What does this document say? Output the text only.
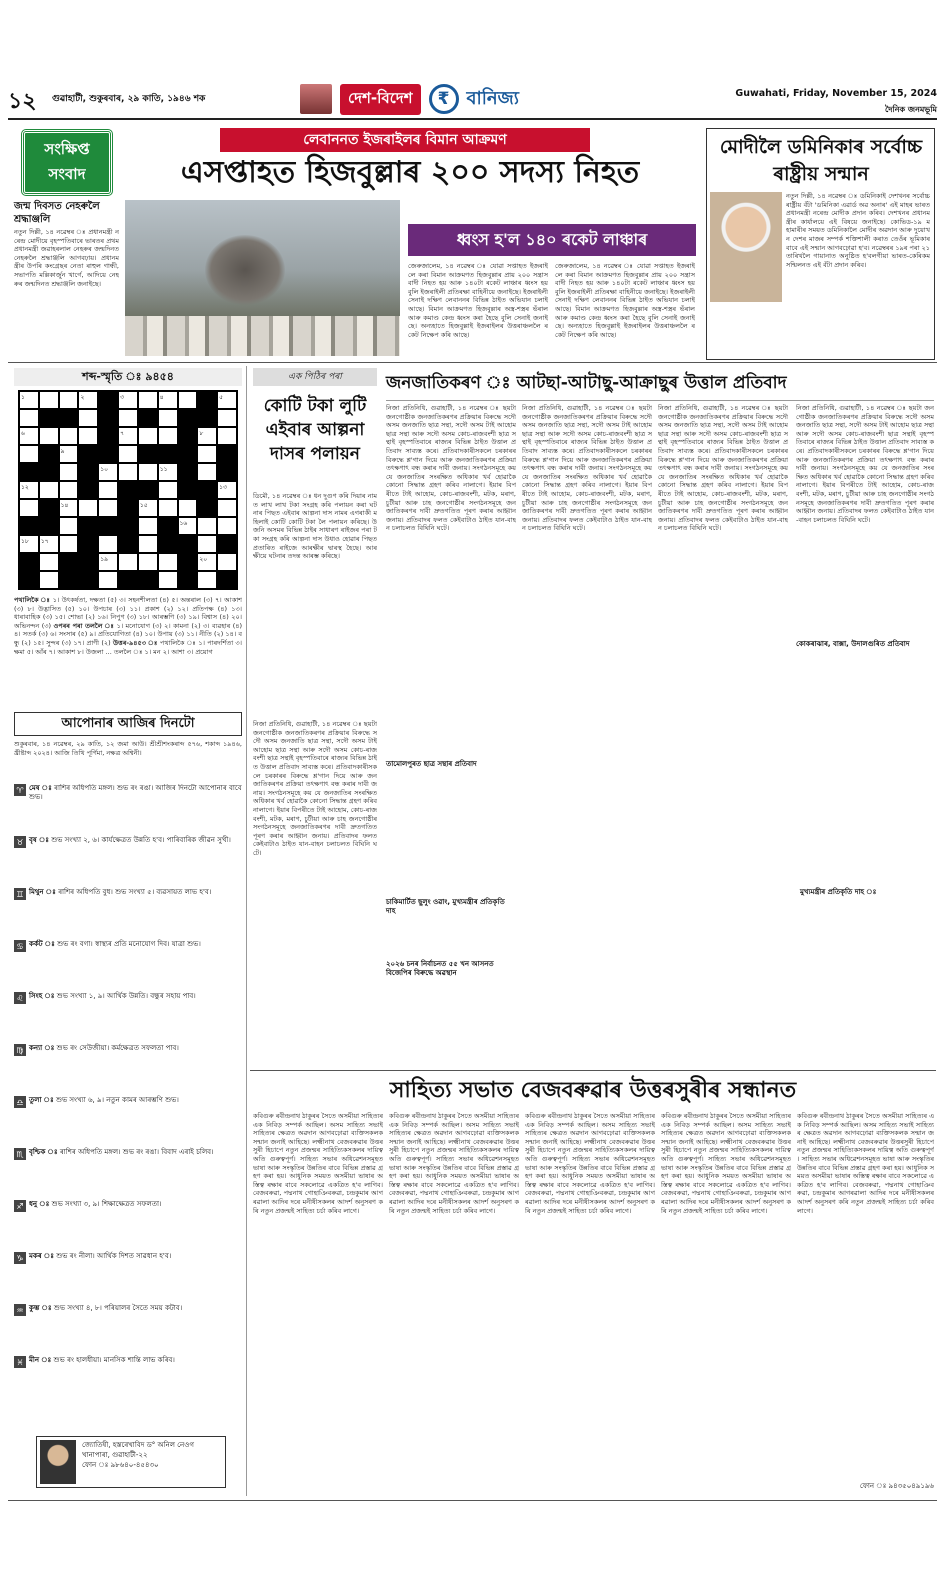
১২ গুৱাহাটী, শুকুৰবাৰ, ২৯ কাতি, ১৯৪৬ শক	দেশ-বিদেশ	₹ বানিজ্য	Guwahati, Friday, November 15, 2024
দৈনিক জনমভূমি
সংক্ষিপ্ত সংবাদ
জন্ম দিবসত নেহৰুলৈ শ্ৰদ্ধাঞ্জলি
নতুন দিল্লী, ১৪ নৱেম্বৰ ঃ প্ৰধানমন্ত্ৰী নৰেন্দ্ৰ মোদীয়ে বৃহস্পতিবাৰে ভাৰতৰ প্ৰথম প্ৰধানমন্ত্ৰী জৱাহৰলাল নেহৰুৰ জন্মদিনত নেহৰুলৈ শ্ৰদ্ধাঞ্জলি আগবঢ়ায়। প্ৰধানমন্ত্ৰীৰ উপৰি কংগ্ৰেছৰ নেতা ৰাহুল গান্ধী, সভাপতি মল্লিকাৰ্জুন খাৰ্গে, আদিয়ে নেহৰুৰ জন্মদিনত শ্ৰদ্ধাঞ্জলি জনাইছে।
লেবাননত ইজৰাইলৰ বিমান আক্ৰমণ
এসপ্তাহত হিজবুল্লাৰ ২০০ সদস্য নিহত
ধ্বংস হ'ল ১৪০ ৰকেট লাঞ্চাৰ
জেৰুজালেম, ১৪ নৱেম্বৰ ঃ যোৱা সপ্তাহত ইজৰাইলে কৰা বিমান আক্ৰমণত হিজবুল্লাৰ প্ৰায় ২০০ সন্ত্ৰাসবাদী নিহত হয় আৰু ১৪০টা ৰকেট লাঞ্চাৰ ধ্বংস হয় বুলি ইজৰাইলী প্ৰতিৰক্ষা বাহিনীয়ে জনাইছে। ইজৰাইলী সেনাই দক্ষিণ লেবাননৰ বিভিন্ন ঠাইত অভিযান চলাই আছে। বিমান আক্ৰমণত হিজবুল্লাৰ অস্ত্ৰ-শস্ত্ৰৰ ভঁৰাল আৰু কমাণ্ড কেন্দ্ৰ ধ্বংস কৰা হৈছে বুলি সেনাই জনাইছে। অন্যহাতে হিজবুল্লাই ইজৰাইলৰ উত্তৰাঞ্চললৈ ৰকেট নিক্ষেপ কৰি আছে।
জেৰুজালেম, ১৪ নৱেম্বৰ ঃ যোৱা সপ্তাহত ইজৰাইলে কৰা বিমান আক্ৰমণত হিজবুল্লাৰ প্ৰায় ২০০ সন্ত্ৰাসবাদী নিহত হয় আৰু ১৪০টা ৰকেট লাঞ্চাৰ ধ্বংস হয় বুলি ইজৰাইলী প্ৰতিৰক্ষা বাহিনীয়ে জনাইছে। ইজৰাইলী সেনাই দক্ষিণ লেবাননৰ বিভিন্ন ঠাইত অভিযান চলাই আছে। বিমান আক্ৰমণত হিজবুল্লাৰ অস্ত্ৰ-শস্ত্ৰৰ ভঁৰাল আৰু কমাণ্ড কেন্দ্ৰ ধ্বংস কৰা হৈছে বুলি সেনাই জনাইছে। অন্যহাতে হিজবুল্লাই ইজৰাইলৰ উত্তৰাঞ্চললৈ ৰকেট নিক্ষেপ কৰি আছে।
মোদীলৈ ডমিনিকাৰ সৰ্বোচ্চ ৰাষ্ট্ৰীয় সন্মান
নতুন দিল্লী, ১৪ নৱেম্বৰ ঃ ডমিনিকাই দেশখনৰ সৰ্বোচ্চ ৰাষ্ট্ৰীয় বঁটা 'ডমিনিকা এৱাৰ্ড অৱ অনাৰ' এই মাহৰ ভাৰত প্ৰধানমন্ত্ৰী নৰেন্দ্ৰ মোদীক প্ৰদান কৰিব। দেশখনৰ প্ৰধানমন্ত্ৰীৰ কাৰ্যালয়ে এই বিষয়ে জনাইছে। কোভিড-১৯ মহামাৰীৰ সময়ত ডমিনিকালৈ মোদীৰ অৱদান আৰু দুয়োখন দেশৰ মাজৰ সম্পৰ্ক শক্তিশালী কৰাত তেওঁৰ ভূমিকাৰ বাবে এই সন্মান আগবঢ়োৱা হ'ব। নৱেম্বৰৰ ১৯ৰ পৰা ২১ তাৰিখলৈ গায়ানাত অনুষ্ঠিত হ'বলগীয়া ভাৰত-কেৰিকম সন্মিলনত এই বঁটা প্ৰদান কৰিব।
শব্দ-স্মৃতি ঃ ৯৪৫৪
১	২	৩	৪	৫
৬	৭	৮
৯
১০	১১
১২	১৩
১৪	১৫
১৬
১৮ ১৭
১৯	২০
পথালিকৈ ঃ ১। উৎকৰ্ষতা, দক্ষতা (৫) ৩। সহনশীলতা (৪) ৫। অন্তৰাল (৩) ৭। আকাশ (৩) ৮। উদ্ভাসিত (৫) ১০। উপচাৰ (৩) ১১। প্ৰকাশ (২) ১২। প্ৰতিপক্ষ (৪) ১৩। ধাৰাবাহিক (৩) ১৫। শোভা (২) ১৬। নিপুণ (৩) ১৮। আৰম্ভণি (৩) ১৯। বিশ্বাস (৪) ২০। অভিনন্দন (৩) ওপৰৰ পৰা তললৈ ঃ ১। মনোযোগ (৩) ২। কামনা (২) ৩। ব্যৱহাৰ (৪) ৪। সতৰ্ক (৩) ৬। সংসাৰ (৫) ৯। প্ৰতিযোগিতা (৪) ১০। উপায় (৩) ১১। নীতি (২) ১৪। বন্ধু (২) ১৫। সুন্দৰ (৩) ১৭। প্ৰাণী (২) উত্তৰ-৯৪৫৩ ঃ পথালিকৈ ঃ ১। পাৰদৰ্শিতা ৩। ক্ষমা ৫। আঁৰ ৭। আকাশ ৮। উজলা ... তললৈ ঃ ১। মন ২। আশা ৩। প্ৰয়োগ
আপোনাৰ আজিৰ দিনটো
শুকুৰবাৰ, ১৪ নৱেম্বৰ, ২৯ কাতি, ১২ জমা আউ। শ্ৰীশ্ৰীশংকৰাব্দ ৫৭৬, শকাব্দ ১৯৪৬, খ্ৰীষ্টাব্দ ২০২৪। আজি তিথি পূৰ্ণিমা, নক্ষত্ৰ অশ্বিনী।
♈ মেষ ঃ ৰাশিৰ অধিপতি মঙ্গল। শুভ ৰং ৰঙা। আজিৰ দিনটো আপোনাৰ বাবে শুভ।
♉ বৃষ ঃ শুভ সংখ্যা ২, ৬। কাৰ্যক্ষেত্ৰত উন্নতি হ'ব। পাৰিবাৰিক জীৱন সুখী।
♊ মিথুন ঃ ৰাশিৰ অধিপতি বুধ। শুভ সংখ্যা ৫। ব্যৱসায়ত লাভ হ'ব।
♋ কৰ্কট ঃ শুভ ৰং বগা। স্বাস্থ্যৰ প্ৰতি মনোযোগ দিব। যাত্ৰা শুভ।
♌ সিংহ ঃ শুভ সংখ্যা ১, ৯। আৰ্থিক উন্নতি। বন্ধুৰ সহায় পাব।
♍ কন্যা ঃ শুভ ৰং সেউজীয়া। কৰ্মক্ষেত্ৰত সফলতা পাব।
♎ তুলা ঃ শুভ সংখ্যা ৬, ৯। নতুন কামৰ আৰম্ভণি শুভ।
♏ বৃশ্চিক ঃ ৰাশিৰ অধিপতি মঙ্গল। শুভ ৰং ৰঙা। বিবাদ এৰাই চলিব।
♐ ধনু ঃ শুভ সংখ্যা ৩, ৯। শিক্ষাক্ষেত্ৰত সফলতা।
♑ মকৰ ঃ শুভ ৰং নীলা। আৰ্থিক দিশত সাৱধান হ'ব।
♒ কুম্ভ ঃ শুভ সংখ্যা ৪, ৮। পৰিয়ালৰ সৈতে সময় কটাব।
♓ মীন ঃ শুভ ৰং হালধীয়া। মানসিক শান্তি লাভ কৰিব।
জ্যোতিষী, হস্তৰেখাবিদ ড° অনিল নেওগ
খানাপাৰা, গুৱাহাটী-২২
ফোন ঃ ৯৮৬৪০-৪৫৪৩০
এক পিঠিৰ পৰা
কোটি টকা লুটি এইবাৰ আল্পনা দাসৰ পলায়ন
ডিমৌ, ১৪ নৱেম্বৰ ঃ ধন দুগুণ কৰি দিয়াৰ নামত লাখ লাখ টকা সংগ্ৰহ কৰি পলায়ন কৰা ঘটনাৰ পিছত এইবাৰ আল্পনা দাস নামৰ এগৰাকী মহিলাই কোটি কোটি টকা লৈ পলায়ন কৰিছে। উজনি অসমৰ বিভিন্ন ঠাইৰ সাধাৰণ ৰাইজৰ পৰা টকা সংগ্ৰহ কৰি আল্পনা দাস উধাও হোৱাৰ পিছত প্ৰতাৰিত ৰাইজে আৰক্ষীৰ দ্বাৰস্থ হৈছে। আৰক্ষীয়ে ঘটনাৰ তদন্ত আৰম্ভ কৰিছে।
নিজা প্ৰতিনিধি, গুৱাহাটী, ১৪ নৱেম্বৰ ঃ ছয়টা জনগোষ্ঠীক জনজাতিকৰণৰ প্ৰক্ৰিয়াৰ বিৰুদ্ধে সদৌ অসম জনজাতি ছাত্ৰ সন্থা, সদৌ অসম টাই আহোম ছাত্ৰ সন্থা আৰু সদৌ অসম কোচ-ৰাজবংশী ছাত্ৰ সন্থাই বৃহস্পতিবাৰে ৰাজ্যৰ বিভিন্ন ঠাইত উত্তাল প্ৰতিবাদ সাব্যস্ত কৰে। প্ৰতিবাদকাৰীসকলে চৰকাৰৰ বিৰুদ্ধে শ্ল'গান দিয়ে আৰু জনজাতিকৰণৰ প্ৰক্ৰিয়া তৎক্ষণাৎ বন্ধ কৰাৰ দাবী জনায়। সংগঠনসমূহে কয় যে জনজাতিৰ সংৰক্ষিত অধিকাৰ খৰ্ব হোৱাকৈ কোনো সিদ্ধান্ত গ্ৰহণ কৰিব নালাগে। ইয়াৰ বিপৰীতে টাই আহোম, কোচ-ৰাজবংশী, মটক, মৰাণ, চুটীয়া আৰু চাহ জনগোষ্ঠীৰ সংগঠনসমূহে জনজাতিকৰণৰ দাবী দ্ৰুতগতিত পূৰণ কৰাৰ আহ্বান জনায়। প্ৰতিবাদৰ ফলত কেইবাটাও ঠাইত যান-বাহন চলাচলত বিঘিনি ঘটে।
জনজাতিকৰণ ঃ আটছা-আটাছু-আক্ৰাছুৰ উত্তাল প্ৰতিবাদ
নিজা প্ৰতিনিধি, গুৱাহাটী, ১৪ নৱেম্বৰ ঃ ছয়টা জনগোষ্ঠীক জনজাতিকৰণৰ প্ৰক্ৰিয়াৰ বিৰুদ্ধে সদৌ অসম জনজাতি ছাত্ৰ সন্থা, সদৌ অসম টাই আহোম ছাত্ৰ সন্থা আৰু সদৌ অসম কোচ-ৰাজবংশী ছাত্ৰ সন্থাই বৃহস্পতিবাৰে ৰাজ্যৰ বিভিন্ন ঠাইত উত্তাল প্ৰতিবাদ সাব্যস্ত কৰে। প্ৰতিবাদকাৰীসকলে চৰকাৰৰ বিৰুদ্ধে শ্ল'গান দিয়ে আৰু জনজাতিকৰণৰ প্ৰক্ৰিয়া তৎক্ষণাৎ বন্ধ কৰাৰ দাবী জনায়। সংগঠনসমূহে কয় যে জনজাতিৰ সংৰক্ষিত অধিকাৰ খৰ্ব হোৱাকৈ কোনো সিদ্ধান্ত গ্ৰহণ কৰিব নালাগে। ইয়াৰ বিপৰীতে টাই আহোম, কোচ-ৰাজবংশী, মটক, মৰাণ, চুটীয়া আৰু চাহ জনগোষ্ঠীৰ সংগঠনসমূহে জনজাতিকৰণৰ দাবী দ্ৰুতগতিত পূৰণ কৰাৰ আহ্বান জনায়। প্ৰতিবাদৰ ফলত কেইবাটাও ঠাইত যান-বাহন চলাচলত বিঘিনি ঘটে।
তামোলপুৰত ছাত্ৰ সন্থাৰ প্ৰতিবাদ
চাকিমাৰ্টিত ছুলুং ওৱাং, মুখ্যমন্ত্ৰীৰ প্ৰতিকৃতি দাহ
২০২৬ চনৰ নিৰ্বাচনত ৫৫ খন আসনত বিজেপিৰ বিৰুদ্ধে অৱস্থান
নিজা প্ৰতিনিধি, গুৱাহাটী, ১৪ নৱেম্বৰ ঃ ছয়টা জনগোষ্ঠীক জনজাতিকৰণৰ প্ৰক্ৰিয়াৰ বিৰুদ্ধে সদৌ অসম জনজাতি ছাত্ৰ সন্থা, সদৌ অসম টাই আহোম ছাত্ৰ সন্থা আৰু সদৌ অসম কোচ-ৰাজবংশী ছাত্ৰ সন্থাই বৃহস্পতিবাৰে ৰাজ্যৰ বিভিন্ন ঠাইত উত্তাল প্ৰতিবাদ সাব্যস্ত কৰে। প্ৰতিবাদকাৰীসকলে চৰকাৰৰ বিৰুদ্ধে শ্ল'গান দিয়ে আৰু জনজাতিকৰণৰ প্ৰক্ৰিয়া তৎক্ষণাৎ বন্ধ কৰাৰ দাবী জনায়। সংগঠনসমূহে কয় যে জনজাতিৰ সংৰক্ষিত অধিকাৰ খৰ্ব হোৱাকৈ কোনো সিদ্ধান্ত গ্ৰহণ কৰিব নালাগে। ইয়াৰ বিপৰীতে টাই আহোম, কোচ-ৰাজবংশী, মটক, মৰাণ, চুটীয়া আৰু চাহ জনগোষ্ঠীৰ সংগঠনসমূহে জনজাতিকৰণৰ দাবী দ্ৰুতগতিত পূৰণ কৰাৰ আহ্বান জনায়। প্ৰতিবাদৰ ফলত কেইবাটাও ঠাইত যান-বাহন চলাচলত বিঘিনি ঘটে।
নিজা প্ৰতিনিধি, গুৱাহাটী, ১৪ নৱেম্বৰ ঃ ছয়টা জনগোষ্ঠীক জনজাতিকৰণৰ প্ৰক্ৰিয়াৰ বিৰুদ্ধে সদৌ অসম জনজাতি ছাত্ৰ সন্থা, সদৌ অসম টাই আহোম ছাত্ৰ সন্থা আৰু সদৌ অসম কোচ-ৰাজবংশী ছাত্ৰ সন্থাই বৃহস্পতিবাৰে ৰাজ্যৰ বিভিন্ন ঠাইত উত্তাল প্ৰতিবাদ সাব্যস্ত কৰে। প্ৰতিবাদকাৰীসকলে চৰকাৰৰ বিৰুদ্ধে শ্ল'গান দিয়ে আৰু জনজাতিকৰণৰ প্ৰক্ৰিয়া তৎক্ষণাৎ বন্ধ কৰাৰ দাবী জনায়। সংগঠনসমূহে কয় যে জনজাতিৰ সংৰক্ষিত অধিকাৰ খৰ্ব হোৱাকৈ কোনো সিদ্ধান্ত গ্ৰহণ কৰিব নালাগে। ইয়াৰ বিপৰীতে টাই আহোম, কোচ-ৰাজবংশী, মটক, মৰাণ, চুটীয়া আৰু চাহ জনগোষ্ঠীৰ সংগঠনসমূহে জনজাতিকৰণৰ দাবী দ্ৰুতগতিত পূৰণ কৰাৰ আহ্বান জনায়। প্ৰতিবাদৰ ফলত কেইবাটাও ঠাইত যান-বাহন চলাচলত বিঘিনি ঘটে।
মুখ্যমন্ত্ৰীৰ প্ৰতিকৃতি দাহ ঃ
নিজা প্ৰতিনিধি, গুৱাহাটী, ১৪ নৱেম্বৰ ঃ ছয়টা জনগোষ্ঠীক জনজাতিকৰণৰ প্ৰক্ৰিয়াৰ বিৰুদ্ধে সদৌ অসম জনজাতি ছাত্ৰ সন্থা, সদৌ অসম টাই আহোম ছাত্ৰ সন্থা আৰু সদৌ অসম কোচ-ৰাজবংশী ছাত্ৰ সন্থাই বৃহস্পতিবাৰে ৰাজ্যৰ বিভিন্ন ঠাইত উত্তাল প্ৰতিবাদ সাব্যস্ত কৰে। প্ৰতিবাদকাৰীসকলে চৰকাৰৰ বিৰুদ্ধে শ্ল'গান দিয়ে আৰু জনজাতিকৰণৰ প্ৰক্ৰিয়া তৎক্ষণাৎ বন্ধ কৰাৰ দাবী জনায়। সংগঠনসমূহে কয় যে জনজাতিৰ সংৰক্ষিত অধিকাৰ খৰ্ব হোৱাকৈ কোনো সিদ্ধান্ত গ্ৰহণ কৰিব নালাগে। ইয়াৰ বিপৰীতে টাই আহোম, কোচ-ৰাজবংশী, মটক, মৰাণ, চুটীয়া আৰু চাহ জনগোষ্ঠীৰ সংগঠনসমূহে জনজাতিকৰণৰ দাবী দ্ৰুতগতিত পূৰণ কৰাৰ আহ্বান জনায়। প্ৰতিবাদৰ ফলত কেইবাটাও ঠাইত যান-বাহন চলাচলত বিঘিনি ঘটে।
কোকৰাঝাৰ, বাক্সা, উদালগুৰিত প্ৰতিবাদ
সাহিত্য সভাত বেজবৰুৱাৰ উত্তৰসুৰীৰ সন্ধানত
কবিগুৰু ৰবীন্দ্ৰনাথ ঠাকুৰৰ সৈতে অসমীয়া সাহিত্যৰ এক নিবিড় সম্পৰ্ক আছিল। অসম সাহিত্য সভাই সাহিত্যৰ ক্ষেত্ৰত অৱদান আগবঢ়োৱা ব্যক্তিসকলক সন্মান জনাই আহিছে। লক্ষ্মীনাথ বেজবৰুৱাৰ উত্তৰসুৰী হিচাপে নতুন প্ৰজন্মৰ সাহিত্যিকসকলৰ দায়িত্ব অতি গুৰুত্বপূৰ্ণ। সাহিত্য সভাৰ অধিৱেশনসমূহত ভাষা আৰু সংস্কৃতিৰ উন্নতিৰ বাবে বিভিন্ন প্ৰস্তাৱ গ্ৰহণ কৰা হয়। আধুনিক সময়ত অসমীয়া ভাষাৰ অস্তিত্ব ৰক্ষাৰ বাবে সকলোৱে একত্ৰিত হ'ব লাগিব। বেজবৰুৱা, পদ্মনাথ গোহাঞিবৰুৱা, চন্দ্ৰকুমাৰ আগৰৱালা আদিৰ দৰে মনীষীসকলৰ আদৰ্শ অনুসৰণ কৰি নতুন প্ৰজন্মই সাহিত্য চৰ্চা কৰিব লাগে।
কবিগুৰু ৰবীন্দ্ৰনাথ ঠাকুৰৰ সৈতে অসমীয়া সাহিত্যৰ এক নিবিড় সম্পৰ্ক আছিল। অসম সাহিত্য সভাই সাহিত্যৰ ক্ষেত্ৰত অৱদান আগবঢ়োৱা ব্যক্তিসকলক সন্মান জনাই আহিছে। লক্ষ্মীনাথ বেজবৰুৱাৰ উত্তৰসুৰী হিচাপে নতুন প্ৰজন্মৰ সাহিত্যিকসকলৰ দায়িত্ব অতি গুৰুত্বপূৰ্ণ। সাহিত্য সভাৰ অধিৱেশনসমূহত ভাষা আৰু সংস্কৃতিৰ উন্নতিৰ বাবে বিভিন্ন প্ৰস্তাৱ গ্ৰহণ কৰা হয়। আধুনিক সময়ত অসমীয়া ভাষাৰ অস্তিত্ব ৰক্ষাৰ বাবে সকলোৱে একত্ৰিত হ'ব লাগিব। বেজবৰুৱা, পদ্মনাথ গোহাঞিবৰুৱা, চন্দ্ৰকুমাৰ আগৰৱালা আদিৰ দৰে মনীষীসকলৰ আদৰ্শ অনুসৰণ কৰি নতুন প্ৰজন্মই সাহিত্য চৰ্চা কৰিব লাগে।
কবিগুৰু ৰবীন্দ্ৰনাথ ঠাকুৰৰ সৈতে অসমীয়া সাহিত্যৰ এক নিবিড় সম্পৰ্ক আছিল। অসম সাহিত্য সভাই সাহিত্যৰ ক্ষেত্ৰত অৱদান আগবঢ়োৱা ব্যক্তিসকলক সন্মান জনাই আহিছে। লক্ষ্মীনাথ বেজবৰুৱাৰ উত্তৰসুৰী হিচাপে নতুন প্ৰজন্মৰ সাহিত্যিকসকলৰ দায়িত্ব অতি গুৰুত্বপূৰ্ণ। সাহিত্য সভাৰ অধিৱেশনসমূহত ভাষা আৰু সংস্কৃতিৰ উন্নতিৰ বাবে বিভিন্ন প্ৰস্তাৱ গ্ৰহণ কৰা হয়। আধুনিক সময়ত অসমীয়া ভাষাৰ অস্তিত্ব ৰক্ষাৰ বাবে সকলোৱে একত্ৰিত হ'ব লাগিব। বেজবৰুৱা, পদ্মনাথ গোহাঞিবৰুৱা, চন্দ্ৰকুমাৰ আগৰৱালা আদিৰ দৰে মনীষীসকলৰ আদৰ্শ অনুসৰণ কৰি নতুন প্ৰজন্মই সাহিত্য চৰ্চা কৰিব লাগে।
কবিগুৰু ৰবীন্দ্ৰনাথ ঠাকুৰৰ সৈতে অসমীয়া সাহিত্যৰ এক নিবিড় সম্পৰ্ক আছিল। অসম সাহিত্য সভাই সাহিত্যৰ ক্ষেত্ৰত অৱদান আগবঢ়োৱা ব্যক্তিসকলক সন্মান জনাই আহিছে। লক্ষ্মীনাথ বেজবৰুৱাৰ উত্তৰসুৰী হিচাপে নতুন প্ৰজন্মৰ সাহিত্যিকসকলৰ দায়িত্ব অতি গুৰুত্বপূৰ্ণ। সাহিত্য সভাৰ অধিৱেশনসমূহত ভাষা আৰু সংস্কৃতিৰ উন্নতিৰ বাবে বিভিন্ন প্ৰস্তাৱ গ্ৰহণ কৰা হয়। আধুনিক সময়ত অসমীয়া ভাষাৰ অস্তিত্ব ৰক্ষাৰ বাবে সকলোৱে একত্ৰিত হ'ব লাগিব। বেজবৰুৱা, পদ্মনাথ গোহাঞিবৰুৱা, চন্দ্ৰকুমাৰ আগৰৱালা আদিৰ দৰে মনীষীসকলৰ আদৰ্শ অনুসৰণ কৰি নতুন প্ৰজন্মই সাহিত্য চৰ্চা কৰিব লাগে।
কবিগুৰু ৰবীন্দ্ৰনাথ ঠাকুৰৰ সৈতে অসমীয়া সাহিত্যৰ এক নিবিড় সম্পৰ্ক আছিল। অসম সাহিত্য সভাই সাহিত্যৰ ক্ষেত্ৰত অৱদান আগবঢ়োৱা ব্যক্তিসকলক সন্মান জনাই আহিছে। লক্ষ্মীনাথ বেজবৰুৱাৰ উত্তৰসুৰী হিচাপে নতুন প্ৰজন্মৰ সাহিত্যিকসকলৰ দায়িত্ব অতি গুৰুত্বপূৰ্ণ। সাহিত্য সভাৰ অধিৱেশনসমূহত ভাষা আৰু সংস্কৃতিৰ উন্নতিৰ বাবে বিভিন্ন প্ৰস্তাৱ গ্ৰহণ কৰা হয়। আধুনিক সময়ত অসমীয়া ভাষাৰ অস্তিত্ব ৰক্ষাৰ বাবে সকলোৱে একত্ৰিত হ'ব লাগিব। বেজবৰুৱা, পদ্মনাথ গোহাঞিবৰুৱা, চন্দ্ৰকুমাৰ আগৰৱালা আদিৰ দৰে মনীষীসকলৰ আদৰ্শ অনুসৰণ কৰি নতুন প্ৰজন্মই সাহিত্য চৰ্চা কৰিব লাগে।
ফোন ঃ ৯৪৩৫০৪৯১৯৬
